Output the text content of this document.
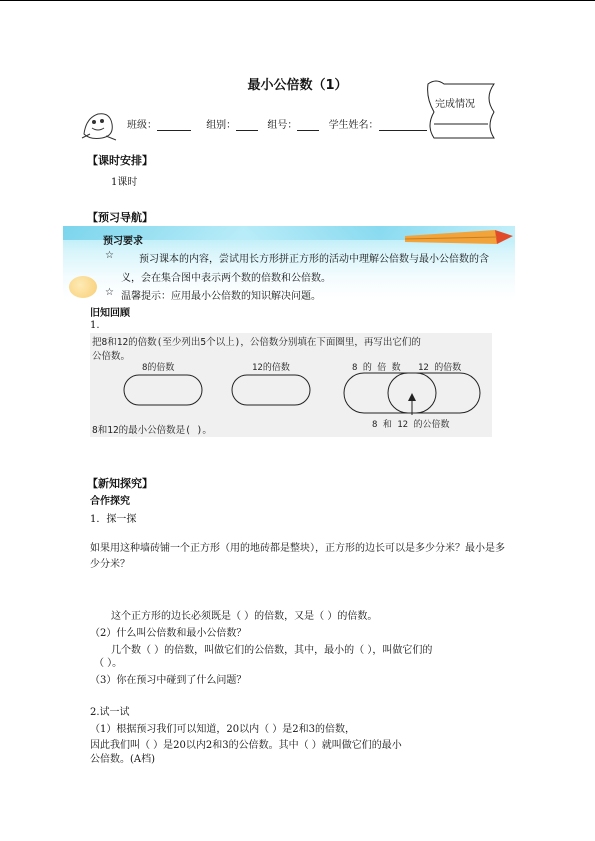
最小公倍数（1）
完成情况
班级：	组别：	组号：	学生姓名：
【课时安排】
1课时
【预习导航】
预习要求
☆	预习课本的内容，尝试用长方形拼正方形的活动中理解公倍数与最小公倍数的含
义，会在集合图中表示两个数的倍数和公倍数。
☆ 温馨提示：应用最小公倍数的知识解决问题。
旧知回顾
1.
把8和12的倍数(至少列出5个以上)，公倍数分别填在下面圈里，再写出它们的
公倍数。
8的倍数	12的倍数	8 的 倍 数 12 的倍数
8 和 12 的公倍数
8和12的最小公倍数是( )。
【新知探究】
合作探究
1．探一探
如果用这种墙砖铺一个正方形（用的地砖都是整块），正方形的边长可以是多少分米？最小是多少分米？
这个正方形的边长必须既是（ ）的倍数，又是（ ）的倍数。
（2）什么叫公倍数和最小公倍数？
几个数（ ）的倍数，叫做它们的公倍数，其中，最小的（ ），叫做它们的
（ ）。
（3）你在预习中碰到了什么问题？
2.试一试
（1）根据预习我们可以知道，20以内（ ）是2和3的倍数，
因此我们叫（ ）是20以内2和3的公倍数。其中（ ）就叫做它们的最小
公倍数。(A档)
